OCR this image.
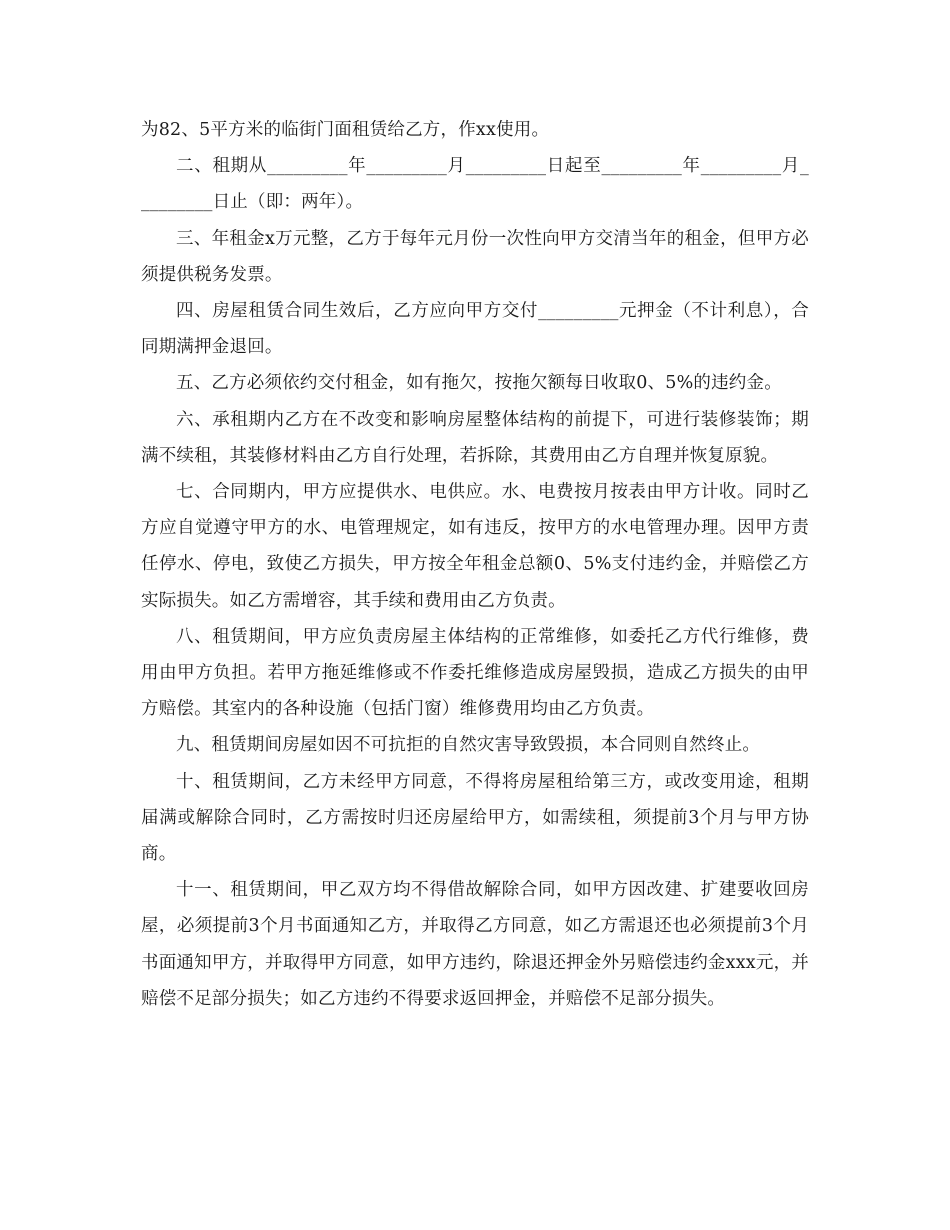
为82、5平方米的临街门面租赁给乙方，作xx使用。

二、租期从_________年_________月_________日起至_________年_________月_________日止（即：两年）。

三、年租金x万元整，乙方于每年元月份一次性向甲方交清当年的租金，但甲方必须提供税务发票。

四、房屋租赁合同生效后，乙方应向甲方交付_________元押金（不计利息），合同期满押金退回。

五、乙方必须依约交付租金，如有拖欠，按拖欠额每日收取0、5%的违约金。

六、承租期内乙方在不改变和影响房屋整体结构的前提下，可进行装修装饰；期满不续租，其装修材料由乙方自行处理，若拆除，其费用由乙方自理并恢复原貌。

七、合同期内，甲方应提供水、电供应。水、电费按月按表由甲方计收。同时乙方应自觉遵守甲方的水、电管理规定，如有违反，按甲方的水电管理办理。因甲方责任停水、停电，致使乙方损失，甲方按全年租金总额0、5%支付违约金，并赔偿乙方实际损失。如乙方需增容，其手续和费用由乙方负责。

八、租赁期间，甲方应负责房屋主体结构的正常维修，如委托乙方代行维修，费用由甲方负担。若甲方拖延维修或不作委托维修造成房屋毁损，造成乙方损失的由甲方赔偿。其室内的各种设施（包括门窗）维修费用均由乙方负责。

九、租赁期间房屋如因不可抗拒的自然灾害导致毁损，本合同则自然终止。

十、租赁期间，乙方未经甲方同意，不得将房屋租给第三方，或改变用途，租期届满或解除合同时，乙方需按时归还房屋给甲方，如需续租，须提前3个月与甲方协商。

十一、租赁期间，甲乙双方均不得借故解除合同，如甲方因改建、扩建要收回房屋，必须提前3个月书面通知乙方，并取得乙方同意，如乙方需退还也必须提前3个月书面通知甲方，并取得甲方同意，如甲方违约，除退还押金外另赔偿违约金xxx元，并赔偿不足部分损失；如乙方违约不得要求返回押金，并赔偿不足部分损失。
